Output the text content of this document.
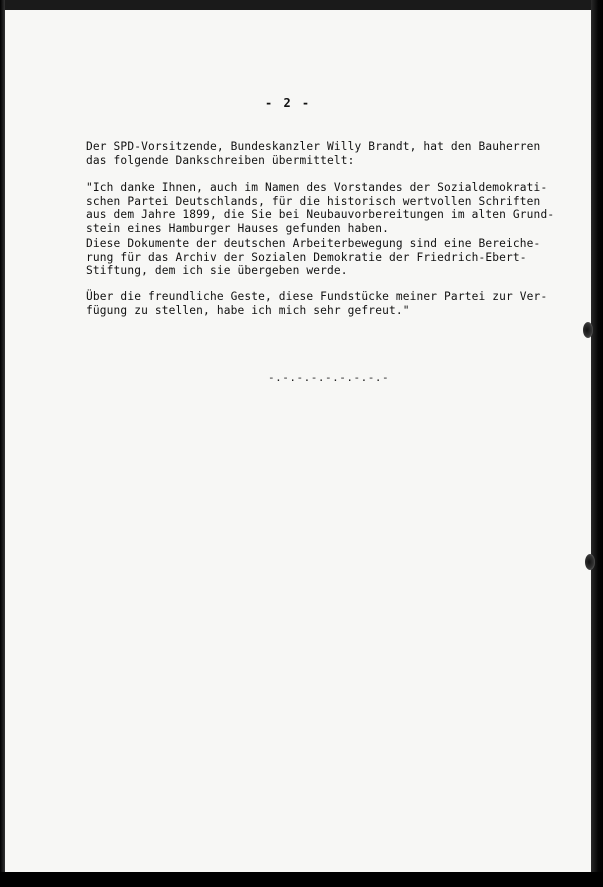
- 2 -
Der SPD-Vorsitzende, Bundeskanzler Willy Brandt, hat den Bauherren
das folgende Dankschreiben übermittelt:
"Ich danke Ihnen, auch im Namen des Vorstandes der Sozialdemokrati-
schen Partei Deutschlands, für die historisch wertvollen Schriften
aus dem Jahre 1899, die Sie bei Neubauvorbereitungen im alten Grund-
stein eines Hamburger Hauses gefunden haben.
Diese Dokumente der deutschen Arbeiterbewegung sind eine Bereiche-
rung für das Archiv der Sozialen Demokratie der Friedrich-Ebert-
Stiftung, dem ich sie übergeben werde.
Über die freundliche Geste, diese Fundstücke meiner Partei zur Ver-
fügung zu stellen, habe ich mich sehr gefreut."
-.-.-.-.-.-.-.-.-
